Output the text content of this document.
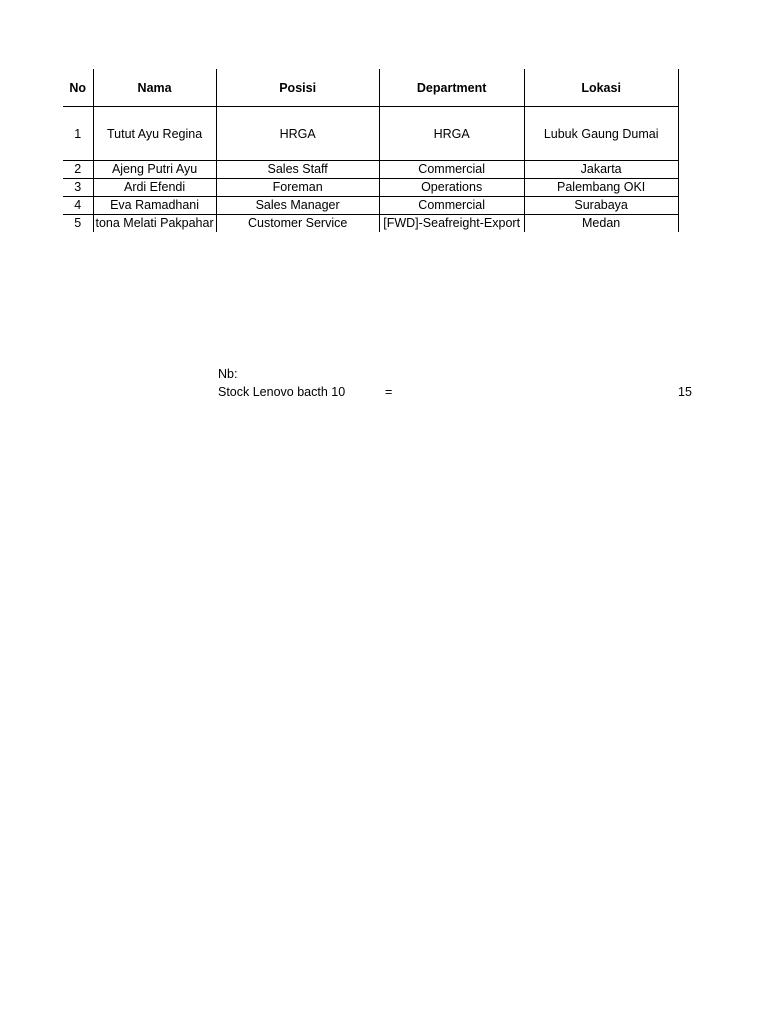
No	Nama	Posisi	Department	Lokasi
1	Tutut Ayu Regina	HRGA	HRGA	Lubuk Gaung Dumai
2	Ajeng Putri Ayu	Sales Staff	Commercial	Jakarta
3	Ardi Efendi	Foreman	Operations	Palembang OKI
4	Eva Ramadhani	Sales Manager	Commercial	Surabaya
5	tona Melati Pakpahar	Customer Service	[FWD]-Seafreight-Export	Medan
Nb:
Stock Lenovo bacth 10	=	15
